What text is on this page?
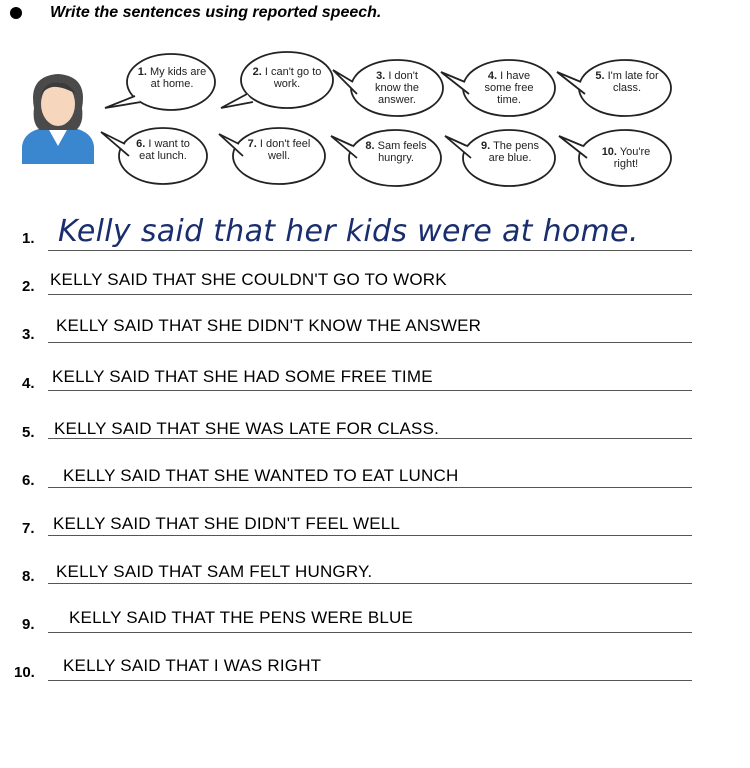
Write the sentences using reported speech.
1. My kids are at home.
2. I can't go to work.
3. I don't know the answer.
4. I have some free time.
5. I'm late for class.
6. I want to eat lunch.
7. I don't feel well.
8. Sam feels hungry.
9. The pens are blue.	10. You're right!
1. Kelly said that her kids were at home.
2. KELLY SAID THAT SHE COULDN'T GO TO WORK
3. KELLY SAID THAT SHE DIDN'T KNOW THE ANSWER
4. KELLY SAID THAT SHE HAD SOME FREE TIME
5. KELLY SAID THAT SHE WAS LATE FOR CLASS.
6. KELLY SAID THAT SHE WANTED TO EAT LUNCH
7. KELLY SAID THAT SHE DIDN'T FEEL WELL
8. KELLY SAID THAT SAM FELT HUNGRY.
9. KELLY SAID THAT THE PENS WERE BLUE
10. KELLY SAID THAT I WAS RIGHT
